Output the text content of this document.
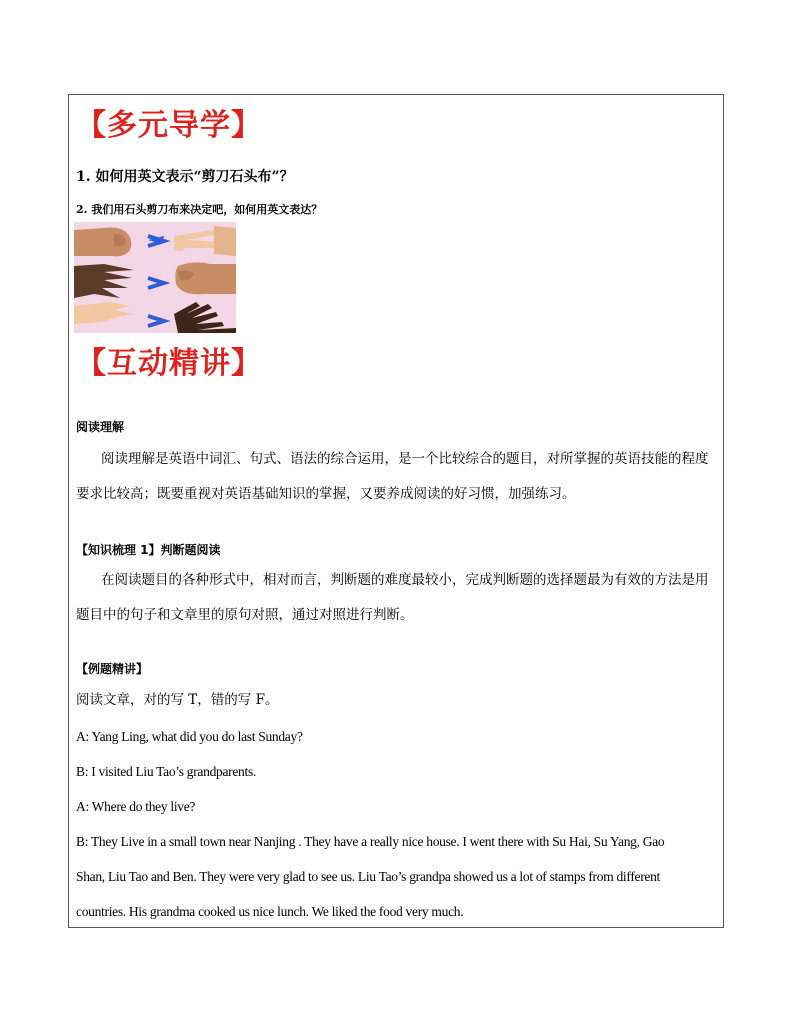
【多元导学】
1. 如何用英文表示“剪刀石头布”？
2. 我们用石头剪刀布来决定吧，如何用英文表达？
【互动精讲】
阅读理解
阅读理解是英语中词汇、句式、语法的综合运用，是一个比较综合的题目，对所掌握的英语技能的程度
要求比较高；既要重视对英语基础知识的掌握，又要养成阅读的好习惯，加强练习。
【知识梳理 1】判断题阅读
在阅读题目的各种形式中，相对而言，判断题的难度最较小，完成判断题的选择题最为有效的方法是用
题目中的句子和文章里的原句对照，通过对照进行判断。
【例题精讲】
阅读文章，对的写 T，错的写 F。
A: Yang Ling, what did you do last Sunday?
B: I visited Liu Tao’s grandparents.
A: Where do they live?
B: They Live in a small town near Nanjing . They have a really nice house. I went there with Su Hai, Su Yang, Gao
Shan, Liu Tao and Ben. They were very glad to see us. Liu Tao’s grandpa showed us a lot of stamps from different
countries. His grandma cooked us nice lunch. We liked the food very much.
